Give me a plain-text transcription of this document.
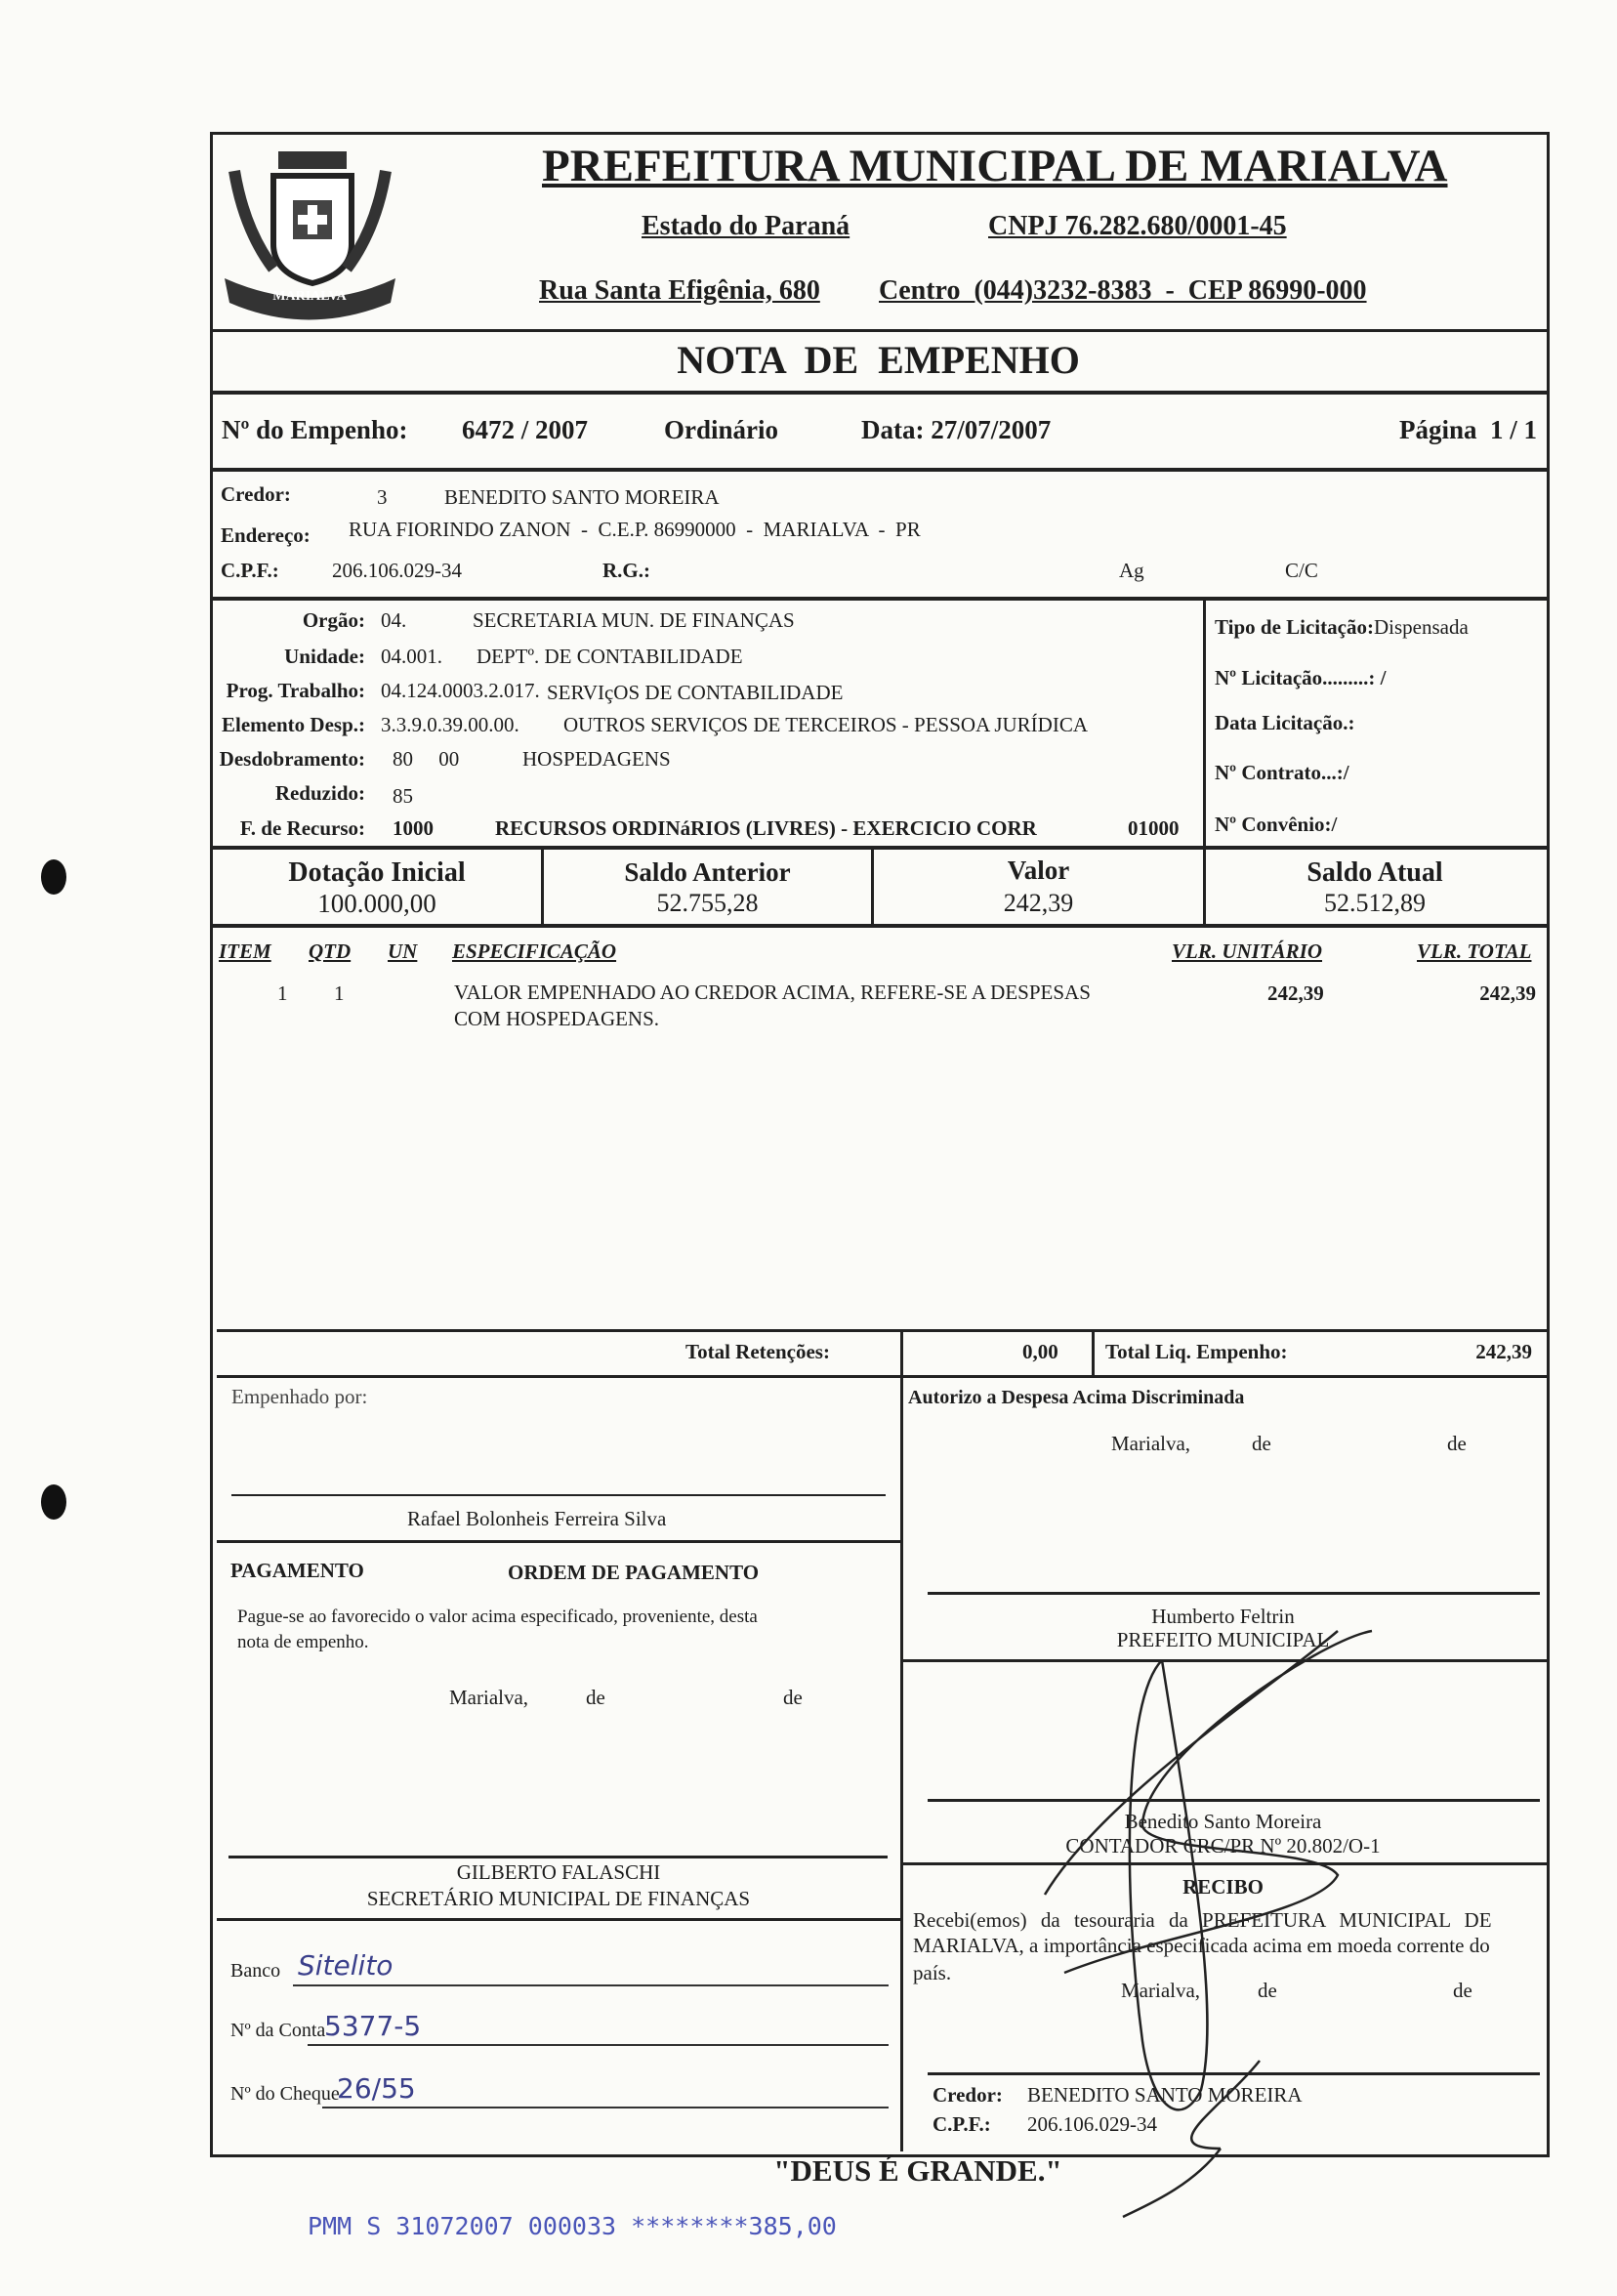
MARIALVA
PREFEITURA MUNICIPAL DE MARIALVA
Estado do Paraná	CNPJ 76.282.680/0001-45
Rua Santa Efigênia, 680 Centro  (044)3232-8383  -  CEP 86990-000
NOTA  DE  EMPENHO
Nº do Empenho: 6472 / 2007	Ordinário	Data: 27/07/2007	Página  1 / 1
Credor:	3	BENEDITO SANTO MOREIRA
Endereço: RUA FIORINDO ZANON  -  C.E.P. 86990000  -  MARIALVA  -  PR
C.P.F.:	206.106.029-34	R.G.:	Ag	C/C
Orgão: 04.	SECRETARIA MUN. DE FINANÇAS
Unidade: 04.001. DEPTº. DE CONTABILIDADE
Prog. Trabalho: 04.124.0003.2.017. SERVIçOS DE CONTABILIDADE
Elemento Desp.: 3.3.9.0.39.00.00. OUTROS SERVIÇOS DE TERCEIROS - PESSOA JURÍDICA
Desdobramento: 80     00	HOSPEDAGENS
Reduzido: 85
F. de Recurso: 1000	RECURSOS ORDINáRIOS (LIVRES) - EXERCICIO CORR	01000
Tipo de Licitação:Dispensada
Nº Licitação.........: /
Data Licitação.:
Nº Contrato...:/
Nº Convênio:/
Dotação Inicial
100.000,00
Saldo Anterior
52.755,28
Valor
242,39
Saldo Atual
52.512,89
ITEM QTD UN ESPECIFICAÇÃO	VLR. UNITÁRIO	VLR. TOTAL
1 1	VALOR EMPENHADO AO CREDOR ACIMA, REFERE-SE A DESPESAS
COM HOSPEDAGENS.
242,39	242,39
Total Retenções:	0,00 Total Liq. Empenho:	242,39
Empenhado por:
Rafael Bolonheis Ferreira Silva
PAGAMENTO	ORDEM DE PAGAMENTO
Pague-se ao favorecido o valor acima especificado, proveniente, desta
nota de empenho.
Marialva,	de	de
GILBERTO FALASCHI
SECRETÁRIO MUNICIPAL DE FINANÇAS
Banco Sitelito
Nº da Conta
5377-5
Nº do Cheque
26/55
Autorizo a Despesa Acima Discriminada
Marialva,	de	de
Humberto Feltrin
PREFEITO MUNICIPAL
Benedito Santo Moreira
CONTADOR CRC/PR Nº 20.802/O-1
RECIBO
Recebi(emos) da tesouraria da PREFEITURA MUNICIPAL DE
MARIALVA, a importância especificada acima em moeda corrente do
país.
Marialva,	de	de
Credor: BENEDITO SANTO MOREIRA
C.P.F.: 206.106.029-34
"DEUS É GRANDE."
PMM S 31072007 000033 ********385,00
